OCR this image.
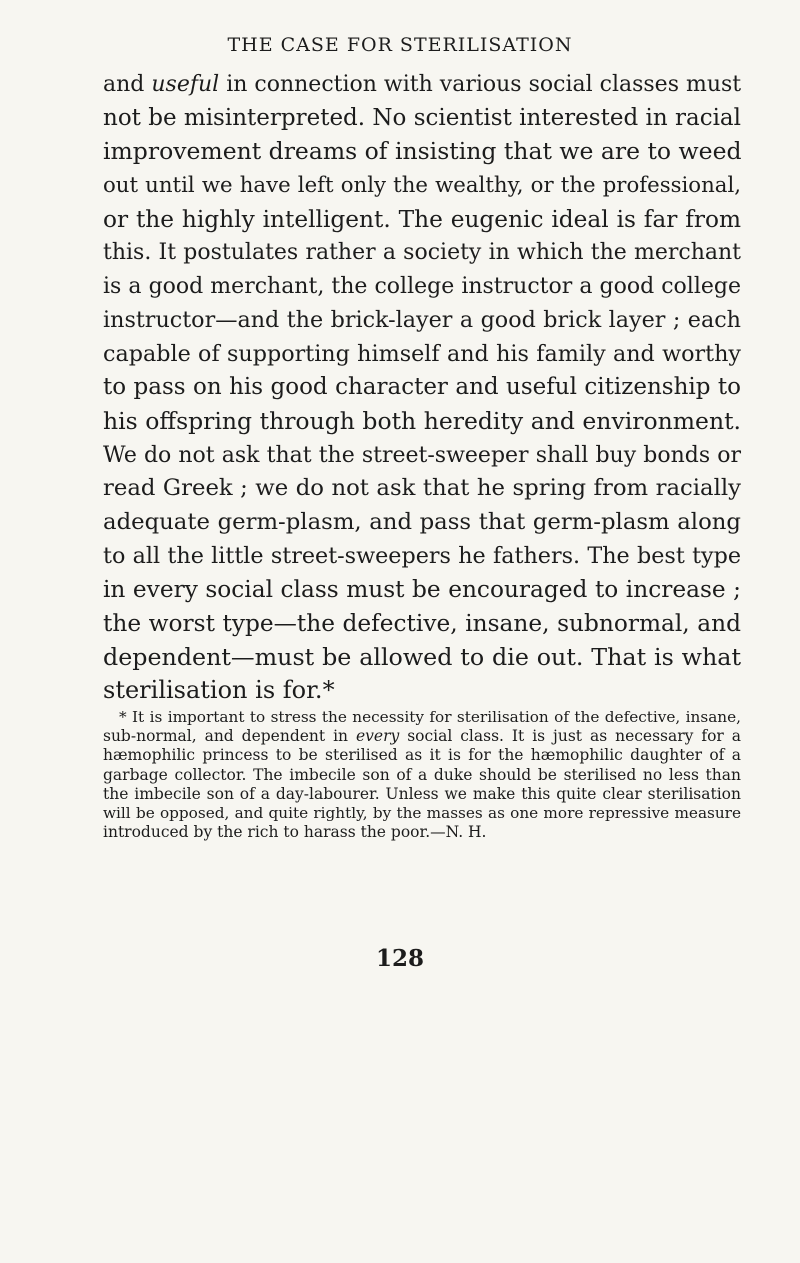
THE CASE FOR STERILISATION
and useful in connection with various social classes must
not be misinterpreted. No scientist interested in racial
improvement dreams of insisting that we are to weed
out until we have left only the wealthy, or the professional,
or the highly intelligent. The eugenic ideal is far from
this. It postulates rather a society in which the merchant
is a good merchant, the college instructor a good college
instructor—and the brick-layer a good brick layer ; each
capable of supporting himself and his family and worthy
to pass on his good character and useful citizenship to
his offspring through both heredity and environment.
We do not ask that the street-sweeper shall buy bonds or
read Greek ; we do not ask that he spring from racially
adequate germ-plasm, and pass that germ-plasm along
to all the little street-sweepers he fathers. The best type
in every social class must be encouraged to increase ;
the worst type—the defective, insane, subnormal, and
dependent—must be allowed to die out. That is what
sterilisation is for.*
* It is important to stress the necessity for sterilisation of the defective, insane,
sub-normal, and dependent in every social class. It is just as necessary for a
hæmophilic princess to be sterilised as it is for the hæmophilic daughter of a
garbage collector. The imbecile son of a duke should be sterilised no less than
the imbecile son of a day-labourer. Unless we make this quite clear sterilisation
will be opposed, and quite rightly, by the masses as one more repressive measure
introduced by the rich to harass the poor.—N. H.
128
